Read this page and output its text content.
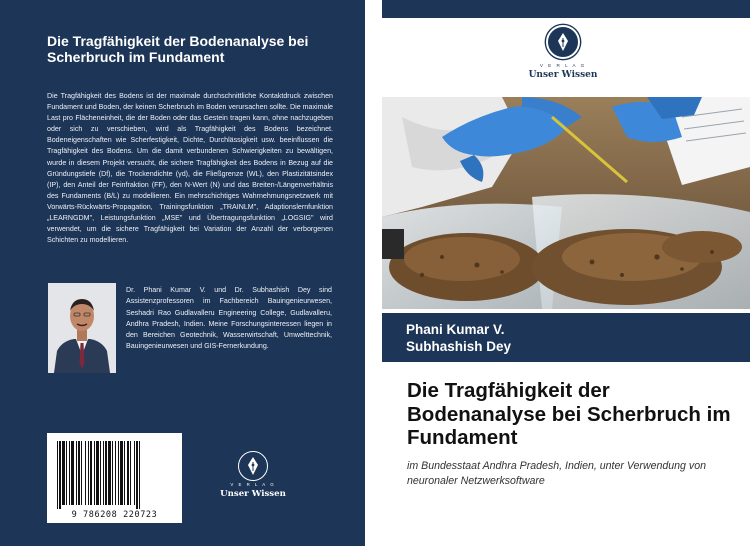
Die Tragfähigkeit der Bodenanalyse bei Scherbruch im Fundament
Die Tragfähigkeit des Bodens ist der maximale durchschnittliche Kontaktdruck zwischen Fundament und Boden, der keinen Scherbruch im Boden verursachen sollte. Die maximale Last pro Flächeneinheit, die der Boden oder das Gestein tragen kann, ohne nachzugeben oder sich zu verschieben, wird als Tragfähigkeit des Bodens bezeichnet. Bodeneigenschaften wie Scherfestigkeit, Dichte, Durchlässigkeit usw. beeinflussen die Tragfähigkeit des Bodens. Um die damit verbundenen Schwierigkeiten zu bewältigen, wurde in diesem Projekt versucht, die sichere Tragfähigkeit des Bodens in Bezug auf die Gründungstiefe (Df), die Trockendichte (γd), die Fließgrenze (WL), den Plastizitätsindex (IP), den Anteil der Feinfraktion (FF), den N-Wert (N) und das Breiten-/Längenverhältnis des Fundaments (B/L) zu modellieren. Ein mehrschichtiges Wahrnehmungsnetzwerk mit Vorwärts-Rückwärts-Propagation, Trainingsfunktion „TRAINLM", Adaptionslernfunktion „LEARNGDM", Leistungsfunktion „MSE" und Übertragungsfunktion „LOGSIG" wird verwendet, um die sichere Tragfähigkeit bei Variation der Anzahl der verborgenen Schichten zu modellieren.
Dr. Phani Kumar V. und Dr. Subhashish Dey sind Assistenzprofessoren im Fachbereich Bauingenieurwesen, Seshadri Rao Gudlavalleru Engineering College, Gudlavalleru, Andhra Pradesh, Indien. Meine Forschungsinteressen liegen in den Bereichen Geotechnik, Wasserwirtschaft, Umwelttechnik, Bauingenieurwesen und GIS-Fernerkundung.
9 786208 220723
V E R L A G
Unser Wissen
V E R L A G
Unser Wissen
Phani Kumar V.
Subhashish Dey
Die Tragfähigkeit der Bodenanalyse bei Scherbruch im Fundament
im Bundesstaat Andhra Pradesh, Indien, unter Verwendung von neuronaler Netzwerksoftware
